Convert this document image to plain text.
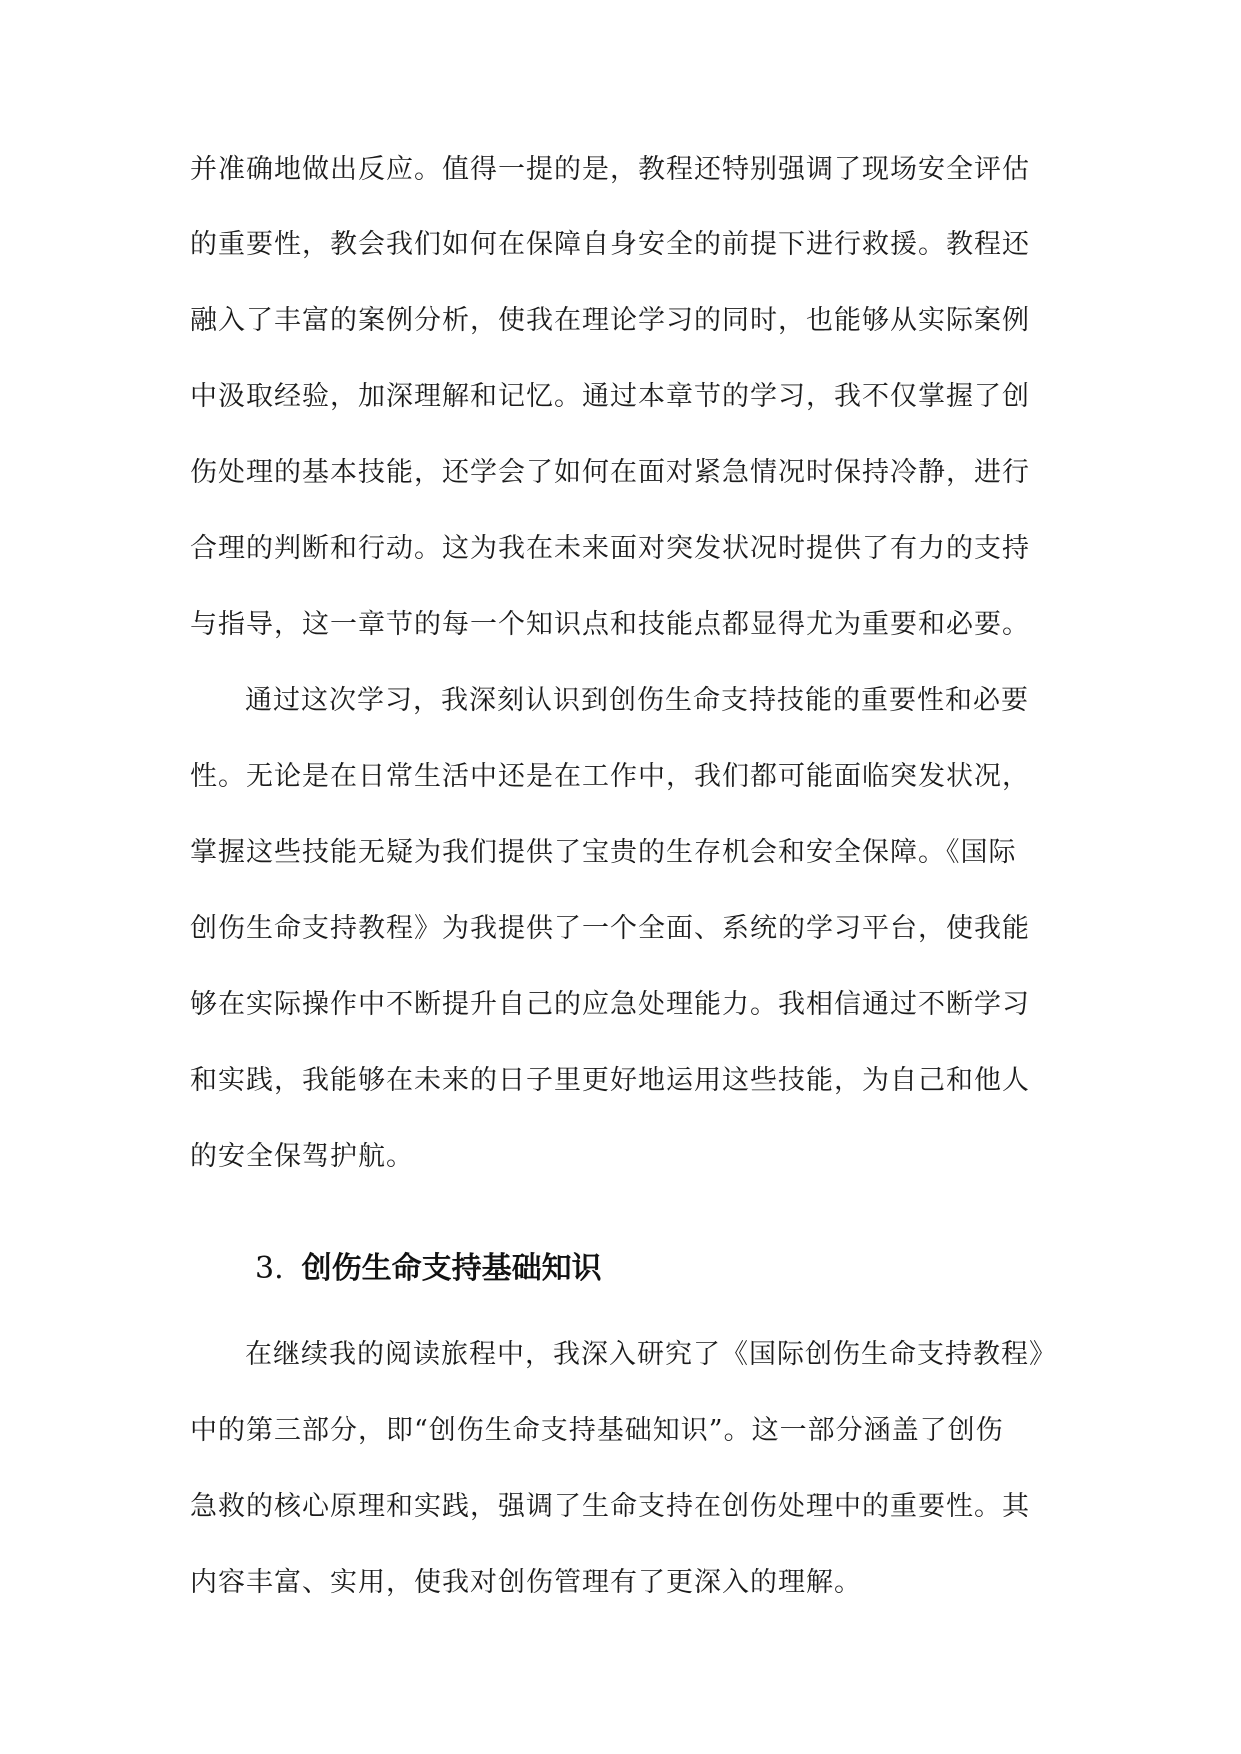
并准确地做出反应。值得一提的是，教程还特别强调了现场安全评估
的重要性，教会我们如何在保障自身安全的前提下进行救援。教程还
融入了丰富的案例分析，使我在理论学习的同时，也能够从实际案例
中汲取经验，加深理解和记忆。通过本章节的学习，我不仅掌握了创
伤处理的基本技能，还学会了如何在面对紧急情况时保持冷静，进行
合理的判断和行动。这为我在未来面对突发状况时提供了有力的支持
与指导，这一章节的每一个知识点和技能点都显得尤为重要和必要。
通过这次学习，我深刻认识到创伤生命支持技能的重要性和必要
性。无论是在日常生活中还是在工作中，我们都可能面临突发状况，
掌握这些技能无疑为我们提供了宝贵的生存机会和安全保障。《国际
创伤生命支持教程》为我提供了一个全面、系统的学习平台，使我能
够在实际操作中不断提升自己的应急处理能力。我相信通过不断学习
和实践，我能够在未来的日子里更好地运用这些技能，为自己和他人
的安全保驾护航。
3. 创伤生命支持基础知识
在继续我的阅读旅程中，我深入研究了《国际创伤生命支持教程》
中的第三部分，即“创伤生命支持基础知识”。这一部分涵盖了创伤
急救的核心原理和实践，强调了生命支持在创伤处理中的重要性。其
内容丰富、实用，使我对创伤管理有了更深入的理解。
